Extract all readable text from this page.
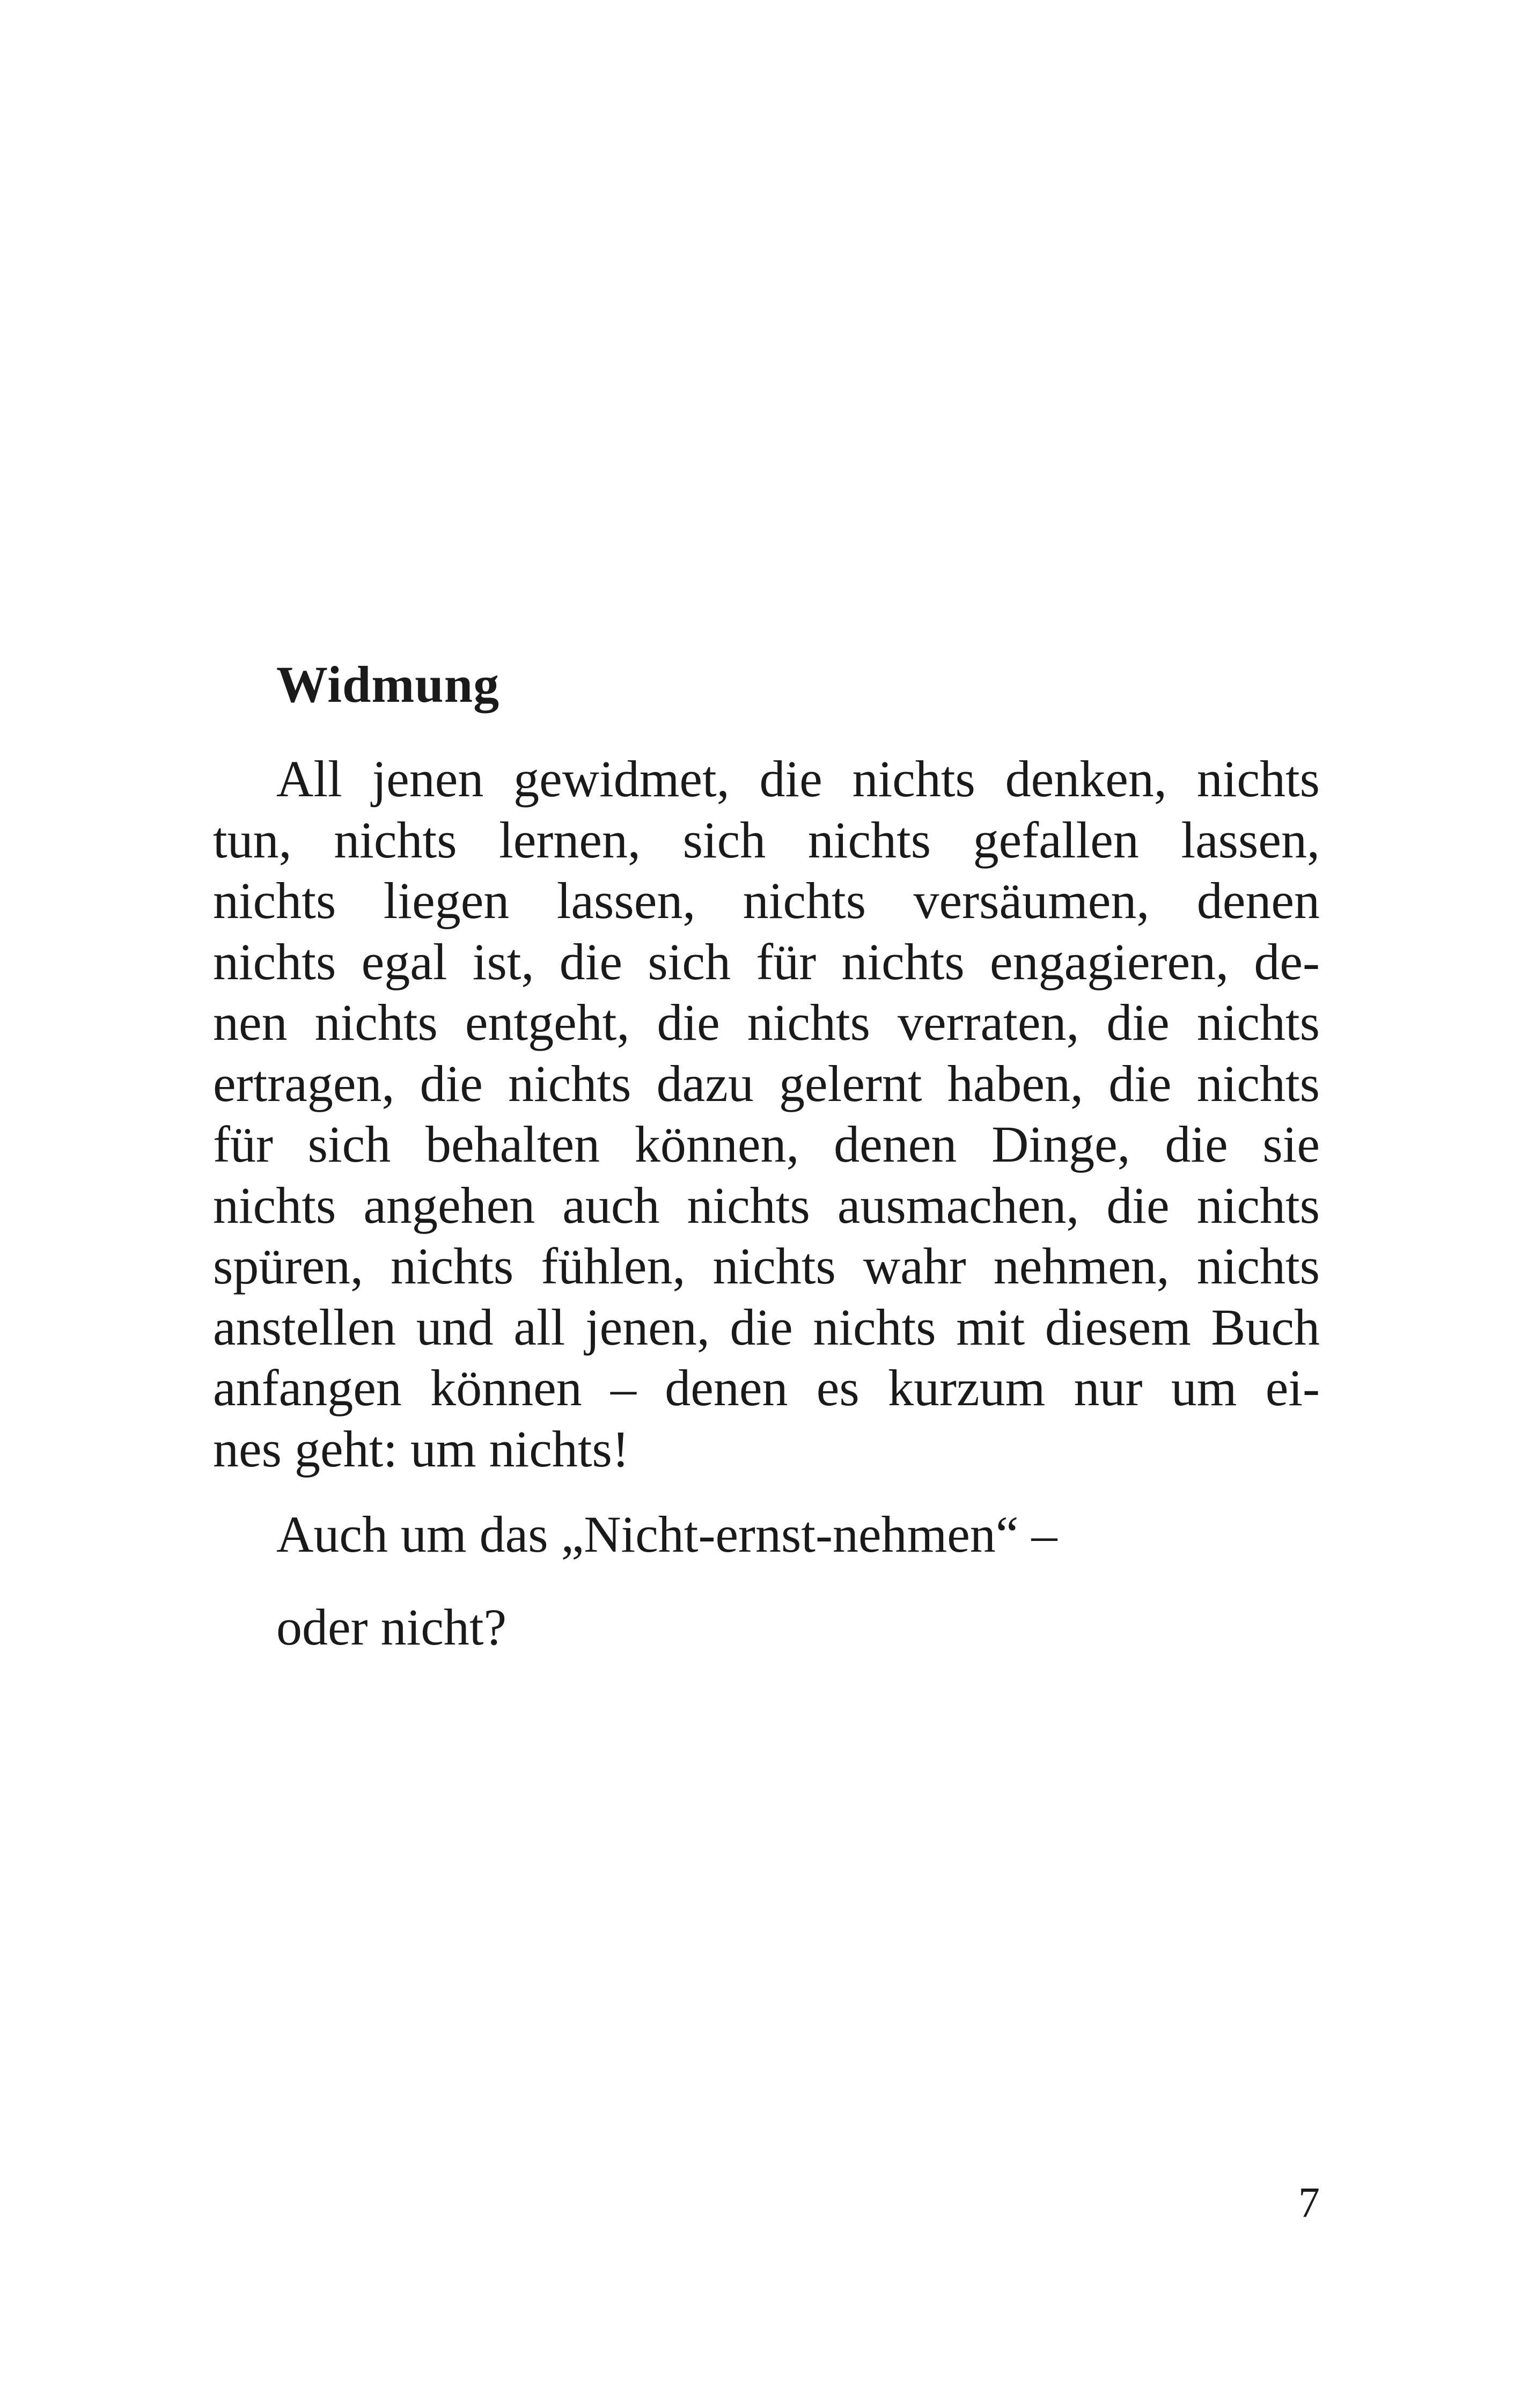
Widmung
All jenen gewidmet, die nichts denken, nichts
tun, nichts lernen, sich nichts gefallen lassen,
nichts liegen lassen, nichts versäumen, denen
nichts egal ist, die sich für nichts engagieren, de-
nen nichts entgeht, die nichts verraten, die nichts
ertragen, die nichts dazu gelernt haben, die nichts
für sich behalten können, denen Dinge, die sie
nichts angehen auch nichts ausmachen, die nichts
spüren, nichts fühlen, nichts wahr nehmen, nichts
anstellen und all jenen, die nichts mit diesem Buch
anfangen können – denen es kurzum nur um ei-
nes geht: um nichts!

Auch um das „Nicht-ernst-nehmen“ –

oder nicht?

7
